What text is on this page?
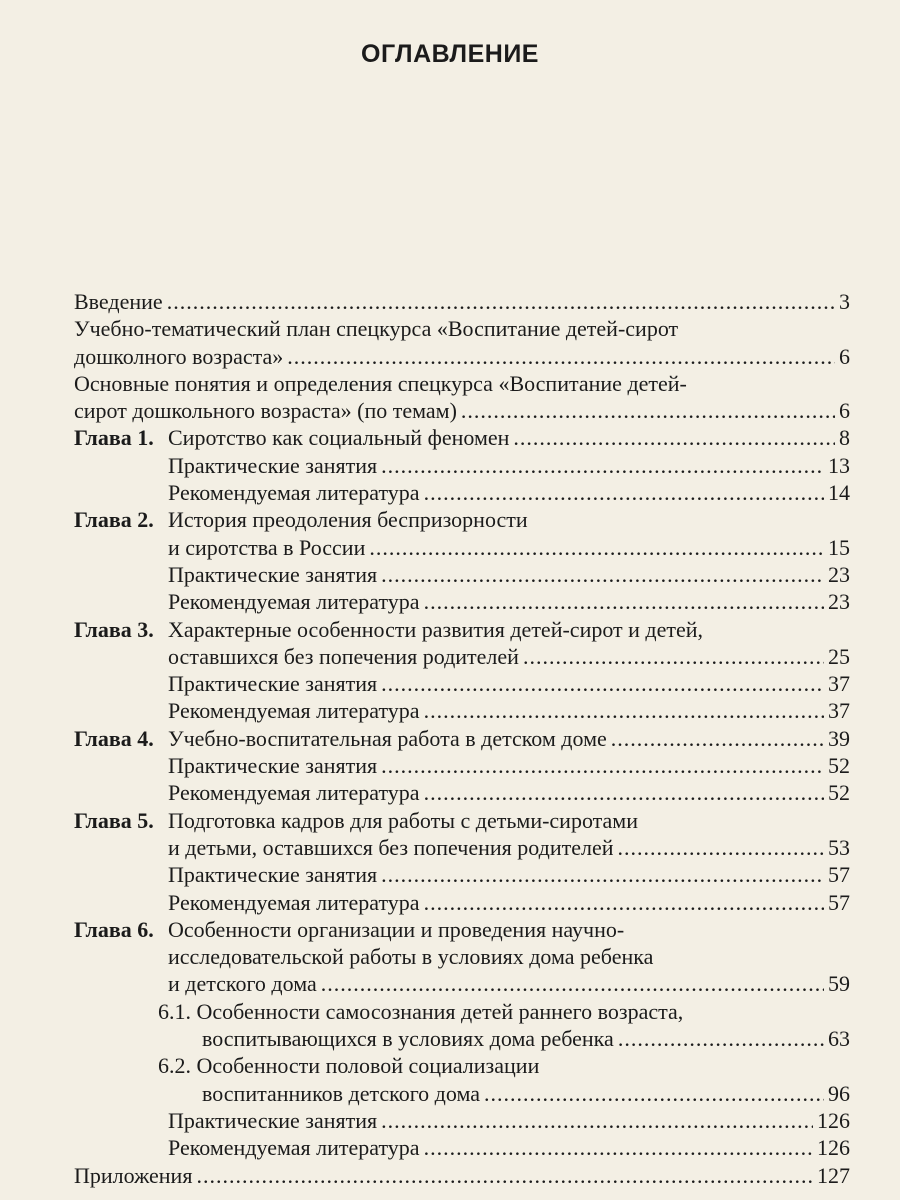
ОГЛАВЛЕНИЕ
Введение .....	3
Учебно-тематический план спецкурса «Воспитание детей-сирот
дошколного возраста» .....	6
Основные понятия и определения спецкурса «Воспитание детей-
сирот дошкольного возраста» (по темам) .....	6
Глава 1. Сиротство как социальный феномен .....	8
Практические занятия .....	13
Рекомендуемая литература .....	14
Глава 2. История преодоления беспризорности
и сиротства в России .....	15
Практические занятия .....	23
Рекомендуемая литература .....	23
Глава 3. Характерные особенности развития детей-сирот и детей,
оставшихся без попечения родителей .....	25
Практические занятия .....	37
Рекомендуемая литература .....	37
Глава 4. Учебно-воспитательная работа в детском доме .....	39
Практические занятия .....	52
Рекомендуемая литература .....	52
Глава 5. Подготовка кадров для работы с детьми-сиротами
и детьми, оставшихся без попечения родителей .....	53
Практические занятия .....	57
Рекомендуемая литература .....	57
Глава 6. Особенности организации и проведения научно-
исследовательской работы в условиях дома ребенка
и детского дома .....	59
6.1. Особенности самосознания детей раннего возраста,
воспитывающихся в условиях дома ребенка .....	63
6.2. Особенности половой социализации
воспитанников детского дома .....	96
Практические занятия .....	126
Рекомендуемая литература .....	126
Приложения .....	127
